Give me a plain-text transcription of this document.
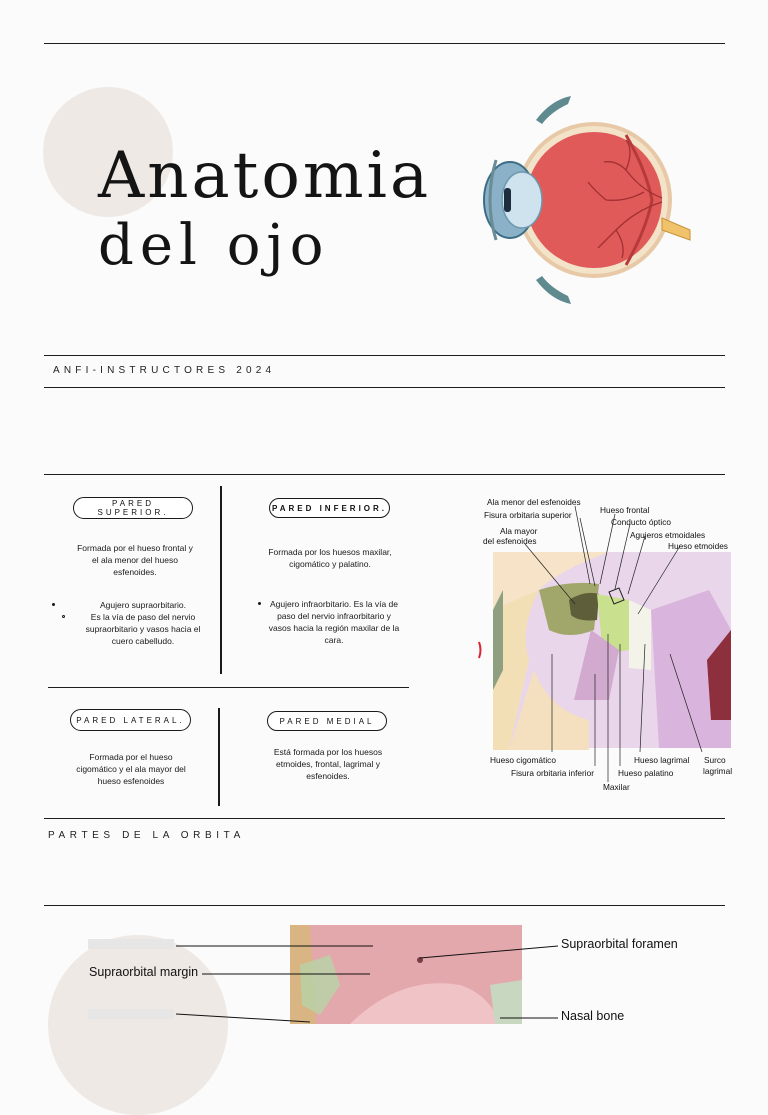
Anatomia
del ojo
ANFI-INSTRUCTORES 2024
PARED SUPERIOR.
Formada por el hueso frontal y el ala menor del hueso esfenoides.
Agujero supraorbitario.
Es la vía de paso del nervio supraorbitario y vasos hacia el cuero cabelludo.
PARED INFERIOR.
Formada por los huesos maxilar, cigomático y palatino.
Agujero infraorbitario. Es la vía de paso del nervio infraorbitario y vasos hacia la región maxilar de la cara.
PARED LATERAL.
Formada por el hueso cigomático y el ala mayor del hueso esfenoides
PARED MEDIAL
Está formada por los huesos etmoides, frontal, lagrimal y esfenoides.
Ala menor del esfenoides
Fisura orbitaria superior
Ala mayor
del esfenoides
Hueso frontal
Conducto óptico
Agujeros etmoidales
Hueso etmoides
Hueso cigomático
Fisura orbitaria inferior
Maxilar
Hueso palatino
Hueso lagrimal Surco
lagrimal
PARTES DE LA ORBITA
Supraorbital margin
Supraorbital foramen
Nasal bone
